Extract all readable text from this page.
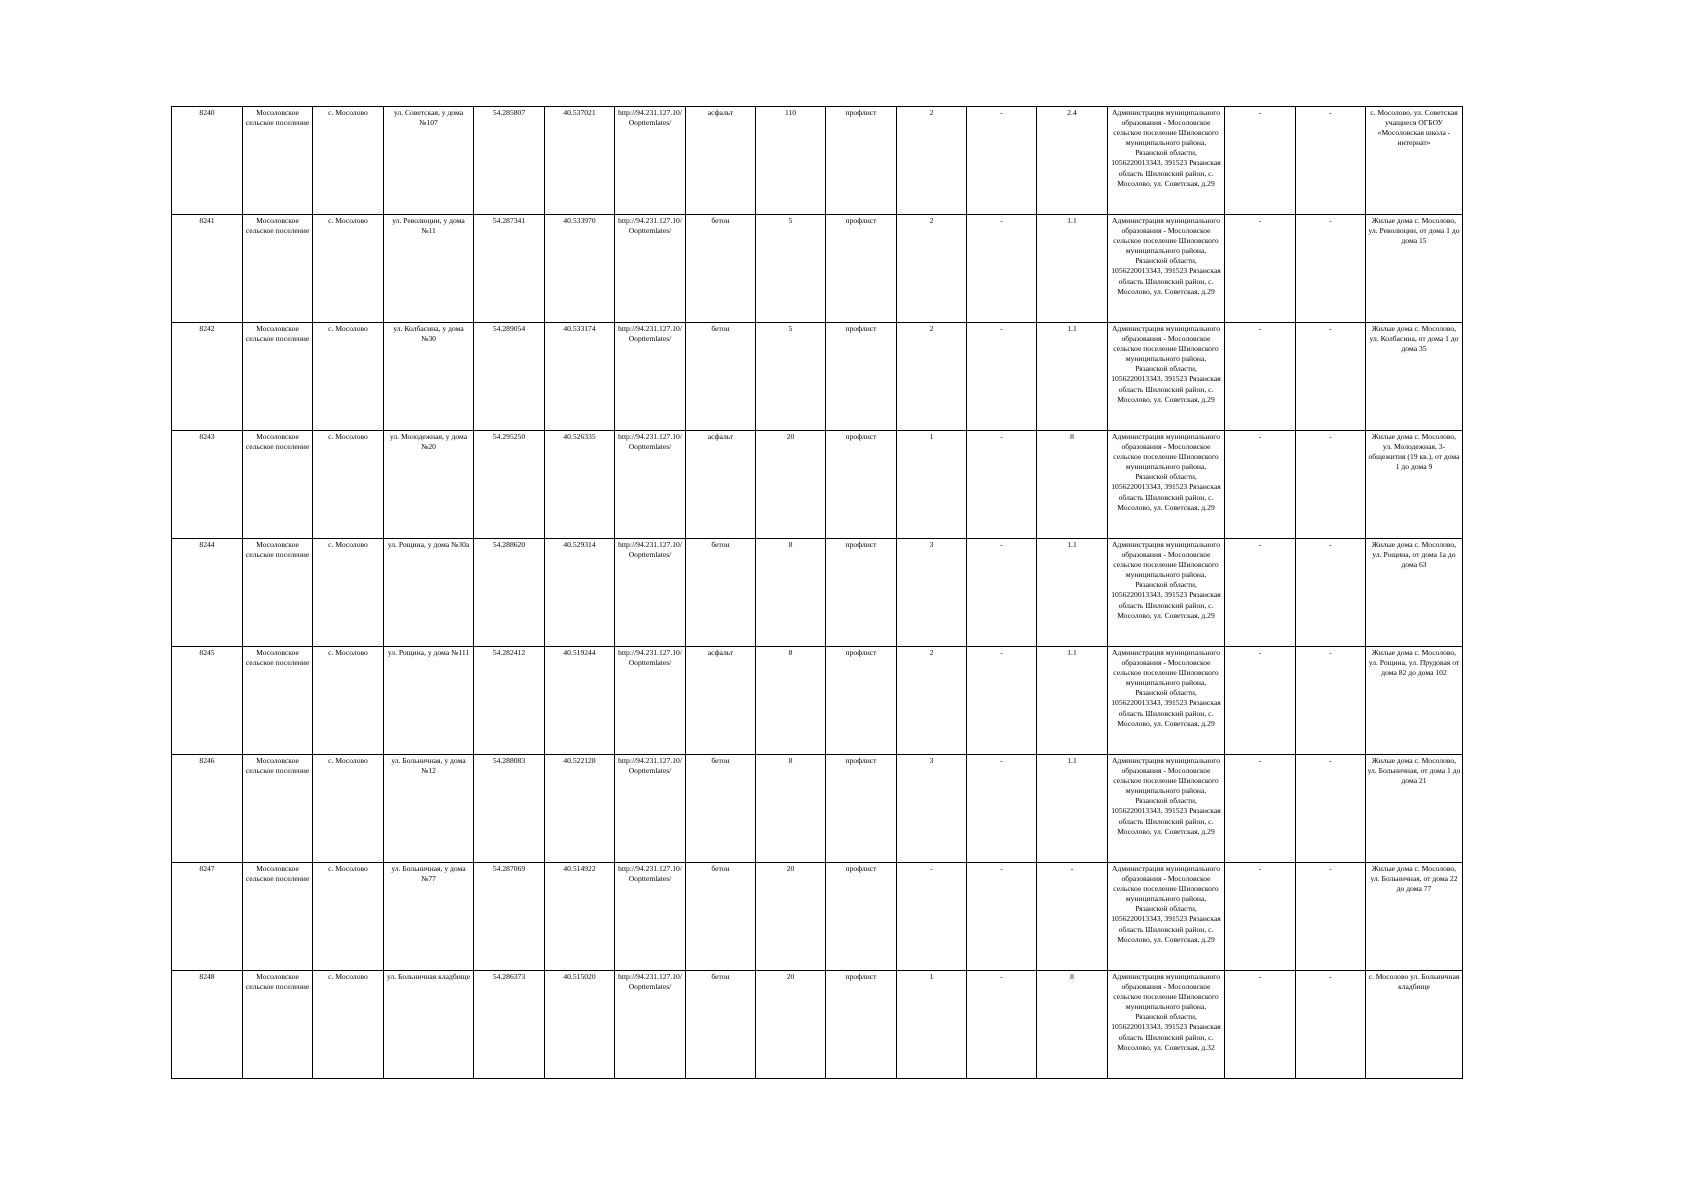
8240	Мосоловское сельское поселение	с. Мосолово	ул. Советская, у дома №107	54.285807	40.537021	http://94.231.127.10/Oopttemlates/	асфальт	110	профлист	2	-	2.4	Администрация муниципального образования - Мосоловское сельское поселение Шиловского муниципального района, Рязанской области, 1056220013343, 391523 Рязанская область Шиловский район, с. Мосолово, ул. Советская, д.29	-	-	с. Мосолово, ул. Советская учащиеся ОГБОУ «Мосоловская школа - интернат»
8241	Мосоловское сельское поселение	с. Мосолово	ул. Революции, у дома №11	54.287341	40.533970	http://94.231.127.10/Oopttemlates/	бетон	5	профлист	2	-	1.1	Администрация муниципального образования - Мосоловское сельское поселение Шиловского муниципального района, Рязанской области, 1056220013343, 391523 Рязанская область Шиловский район, с. Мосолово, ул. Советская, д.29	-	-	Жилые дома с. Мосолово, ул. Революции, от дома 1 до дома 15
8242	Мосоловское сельское поселение	с. Мосолово	ул. Колбасина, у дома №30	54.289054	40.533174	http://94.231.127.10/Oopttemlates/	бетон	5	профлист	2	-	1.1	Администрация муниципального образования - Мосоловское сельское поселение Шиловского муниципального района, Рязанской области, 1056220013343, 391523 Рязанская область Шиловский район, с. Мосолово, ул. Советская, д.29	-	-	Жилые дома с. Мосолово, ул. Колбасина, от дома 1 до дома 35
8243	Мосоловское сельское поселение	с. Мосолово	ул. Молодежная, у дома №20	54.295250	40.526335	http://94.231.127.10/Oopttemlates/	асфальт	20	профлист	1	-	8	Администрация муниципального образования - Мосоловское сельское поселение Шиловского муниципального района, Рязанской области, 1056220013343, 391523 Рязанская область Шиловский район, с. Мосолово, ул. Советская, д.29	-	-	Жилые дома с. Мосолово, ул. Молодежная, 3-общежития (19 кв.), от дома 1 до дома 9
8244	Мосоловское сельское поселение	с. Мосолово	ул. Рощина, у дома №30а	54.288620	40.529314	http://94.231.127.10/Oopttemlates/	бетон	8	профлист	3	-	1.1	Администрация муниципального образования - Мосоловское сельское поселение Шиловского муниципального района, Рязанской области, 1056220013343, 391523 Рязанская область Шиловский район, с. Мосолово, ул. Советская, д.29	-	-	Жилые дома с. Мосолово, ул. Рощина, от дома 1а до дома 63
8245	Мосоловское сельское поселение	с. Мосолово	ул. Рощина, у дома №111	54.282412	40.519244	http://94.231.127.10/Oopttemlates/	асфальт	8	профлист	2	-	1.1	Администрация муниципального образования - Мосоловское сельское поселение Шиловского муниципального района, Рязанской области, 1056220013343, 391523 Рязанская область Шиловский район, с. Мосолово, ул. Советская, д.29	-	-	Жилые дома с. Мосолово, ул. Рощина, ул. Прудовая от дома 82 до дома 102
8246	Мосоловское сельское поселение	с. Мосолово	ул. Больничная, у дома №12	54.288083	40.522128	http://94.231.127.10/Oopttemlates/	бетон	8	профлист	3	-	1.1	Администрация муниципального образования - Мосоловское сельское поселение Шиловского муниципального района, Рязанской области, 1056220013343, 391523 Рязанская область Шиловский район, с. Мосолово, ул. Советская, д.29	-	-	Жилые дома с. Мосолово, ул. Больничная, от дома 1 до дома 21
8247	Мосоловское сельское поселение	с. Мосолово	ул. Больничная, у дома №77	54.287069	40.514922	http://94.231.127.10/Oopttemlates/	бетон	20	профлист	-	-	-	Администрация муниципального образования - Мосоловское сельское поселение Шиловского муниципального района, Рязанской области, 1056220013343, 391523 Рязанская область Шиловский район, с. Мосолово, ул. Советская, д.29	-	-	Жилые дома с. Мосолово, ул. Больничная, от дома 22 до дома 77
8248	Мосоловское сельское поселение	с. Мосолово	ул. Больничная кладбище	54.286373	40.515020	http://94.231.127.10/Oopttemlates/	бетон	20	профлист	1	-	8	Администрация муниципального образования - Мосоловское сельское поселение Шиловского муниципального района, Рязанской области, 1056220013343, 391523 Рязанская область Шиловский район, с. Мосолово, ул. Советская, д.32	-	-	с. Мосолово ул. Больничная кладбище
